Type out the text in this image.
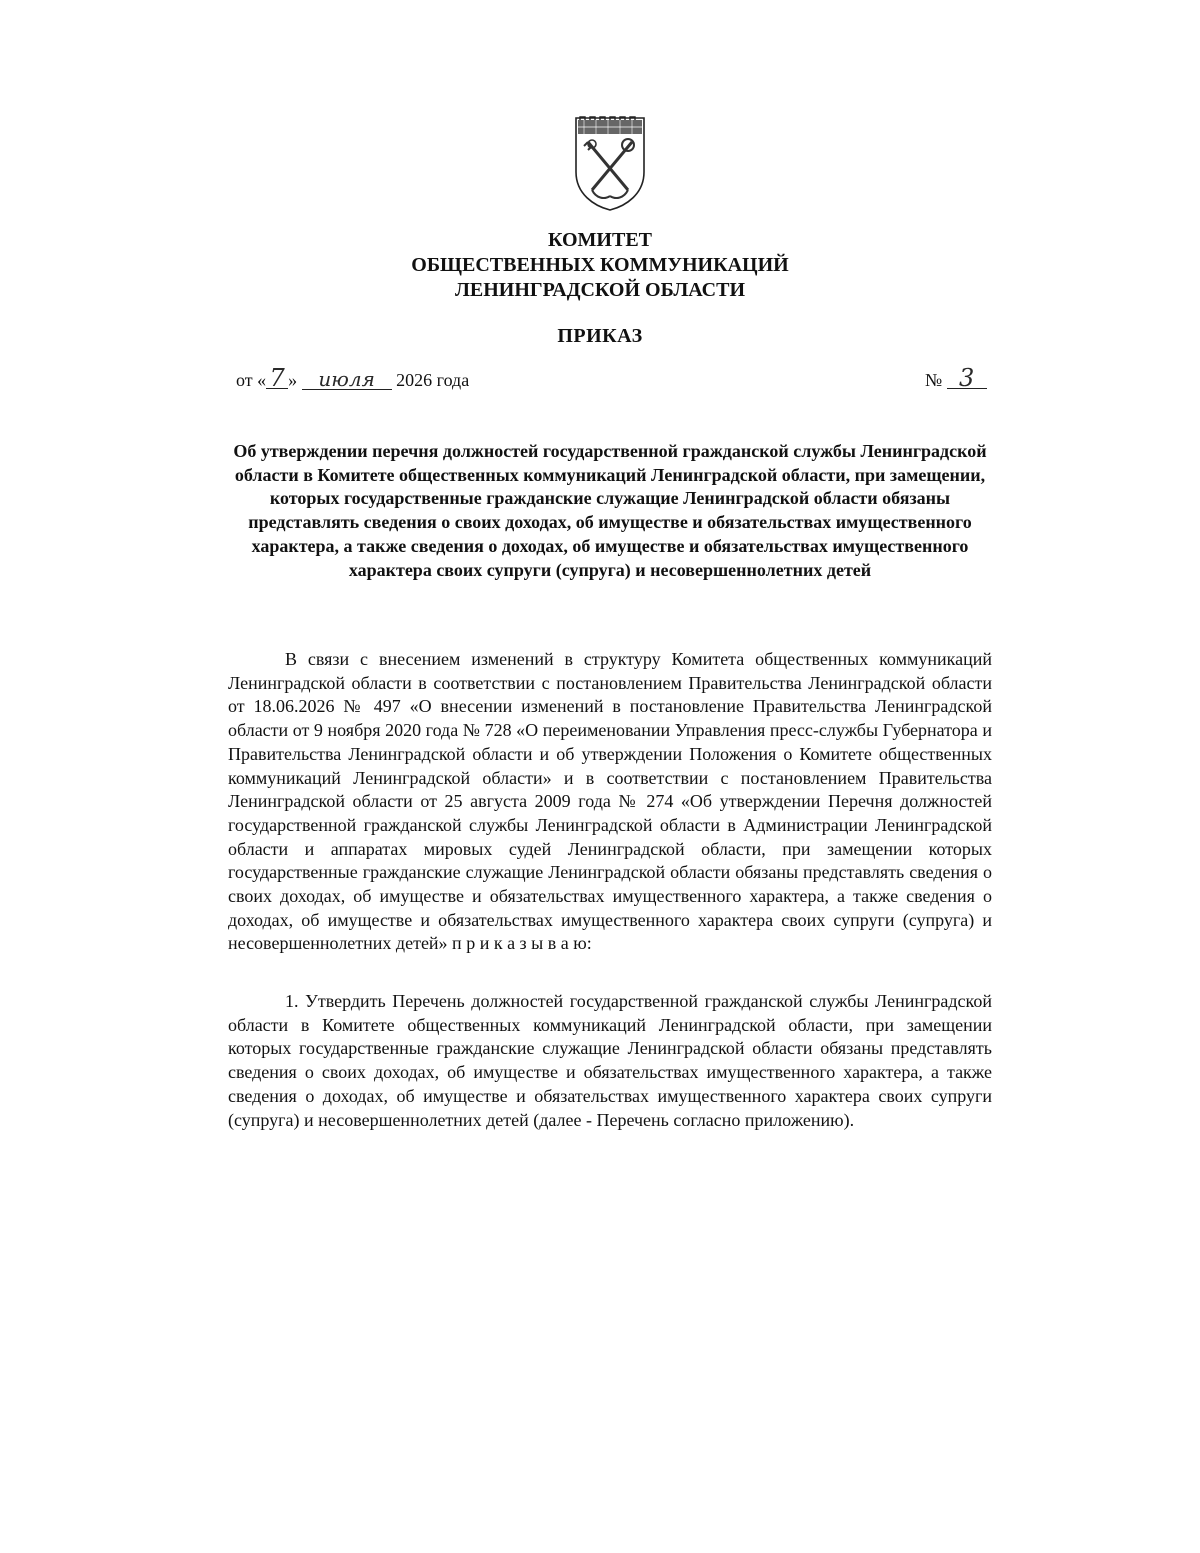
КОМИТЕТ
ОБЩЕСТВЕННЫХ КОММУНИКАЦИЙ
ЛЕНИНГРАДСКОЙ ОБЛАСТИ
ПРИКАЗ
от « 7 » июля 2026 года	№ 3
Об утверждении перечня должностей государственной гражданской службы Ленинградской области в Комитете общественных коммуникаций Ленинградской области, при замещении, которых государственные гражданские служащие Ленинградской области обязаны представлять сведения о своих доходах, об имуществе и обязательствах имущественного характера, а также сведения о доходах, об имуществе и обязательствах имущественного характера своих супруги (супруга) и несовершеннолетних детей

В связи с внесением изменений в структуру Комитета общественных коммуникаций Ленинградской области в соответствии с постановлением Правительства Ленинградской области от 18.06.2026 № 497 «О внесении изменений в постановление Правительства Ленинградской области от 9 ноября 2020 года № 728 «О переименовании Управления пресс-службы Губернатора и Правительства Ленинградской области и об утверждении Положения о Комитете общественных коммуникаций Ленинградской области» и в соответствии с постановлением Правительства Ленинградской области от 25 августа 2009 года № 274 «Об утверждении Перечня должностей государственной гражданской службы Ленинградской области в Администрации Ленинградской области и аппаратах мировых судей Ленинградской области, при замещении которых государственные гражданские служащие Ленинградской области обязаны представлять сведения о своих доходах, об имуществе и обязательствах имущественного характера, а также сведения о доходах, об имуществе и обязательствах имущественного характера своих супруги (супруга) и несовершеннолетних детей» п р и к а з ы в а ю:

1. Утвердить Перечень должностей государственной гражданской службы Ленинградской области в Комитете общественных коммуникаций Ленинградской области, при замещении которых государственные гражданские служащие Ленинградской области обязаны представлять сведения о своих доходах, об имуществе и обязательствах имущественного характера, а также сведения о доходах, об имуществе и обязательствах имущественного характера своих супруги (супруга) и несовершеннолетних детей (далее - Перечень согласно приложению).
